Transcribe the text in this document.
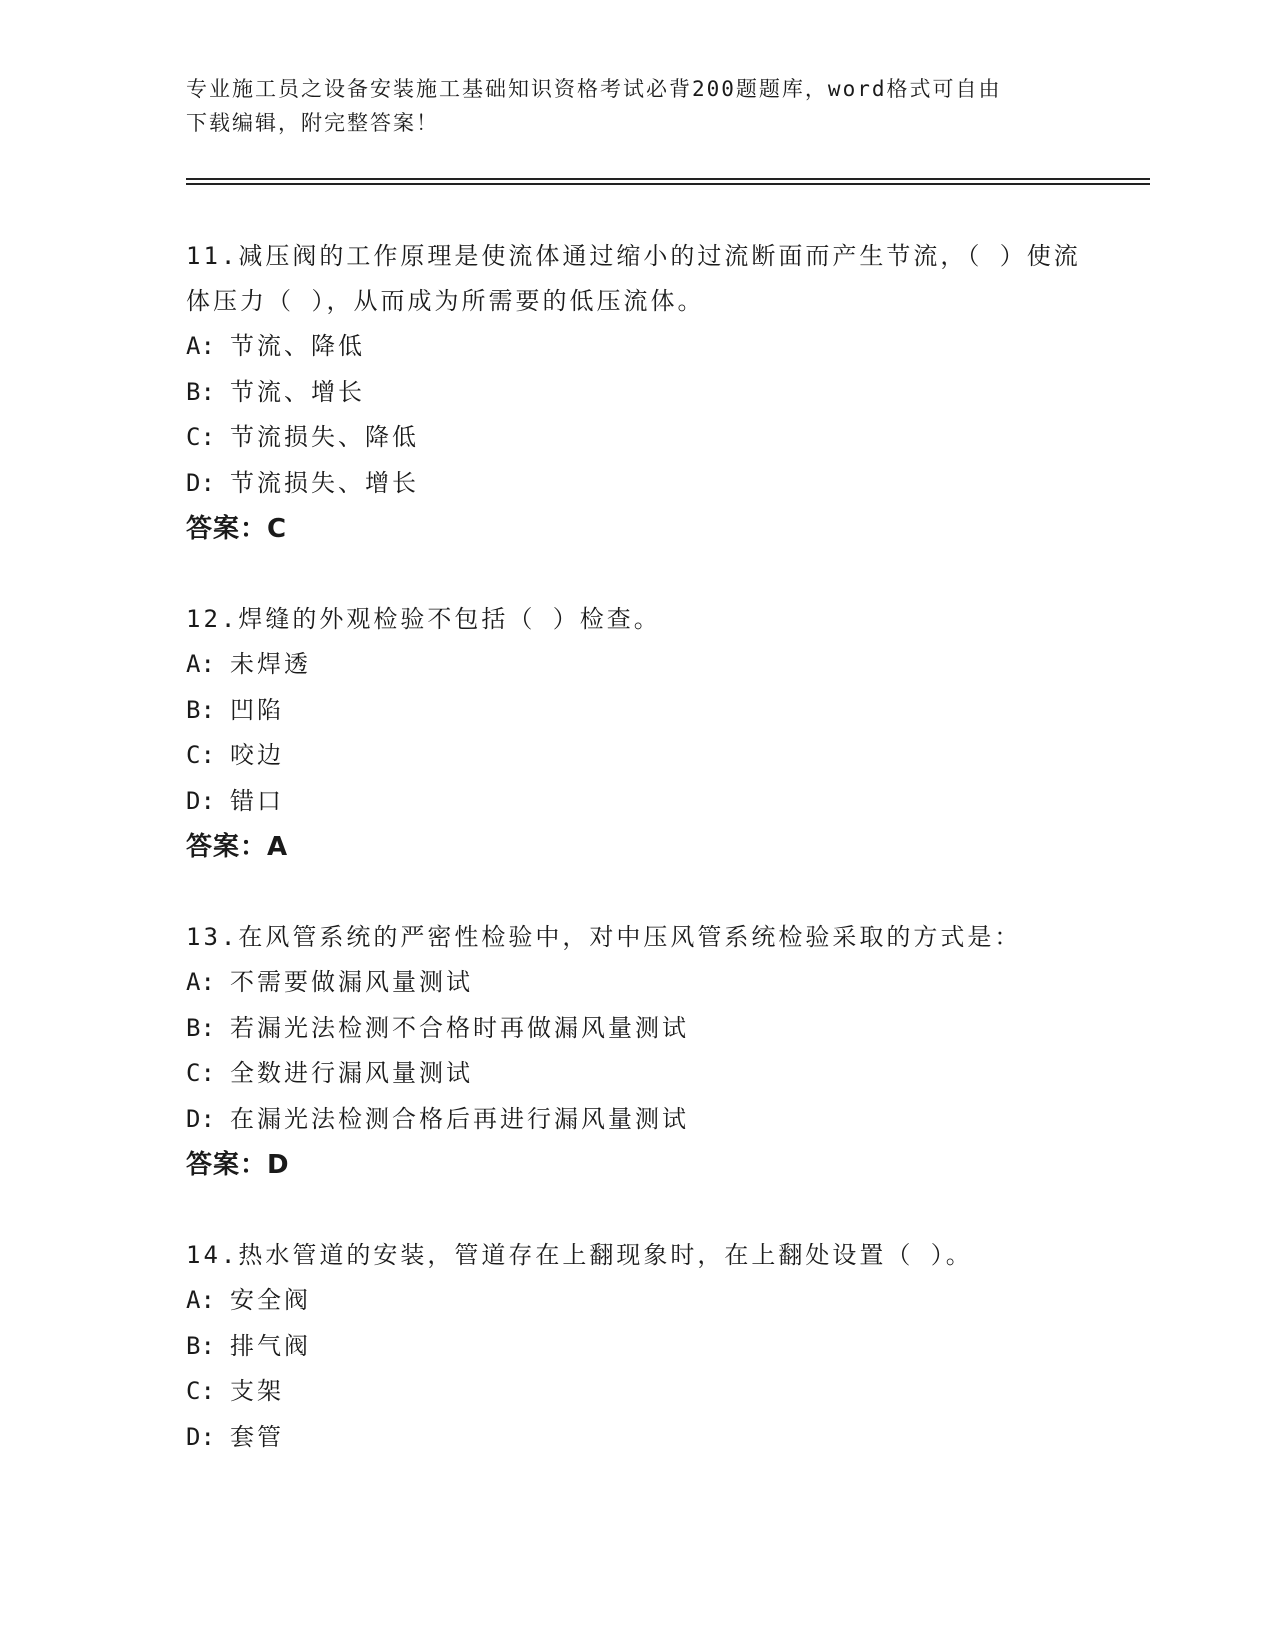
专业施工员之设备安装施工基础知识资格考试必背200题题库，word格式可自由
下载编辑，附完整答案！

11.减压阀的工作原理是使流体通过缩小的过流断面而产生节流，（ ）使流体压力（ ），从而成为所需要的低压流体。

A: 节流、降低
B: 节流、增长
C: 节流损失、降低
D: 节流损失、增长

答案：C

12.焊缝的外观检验不包括（ ）检查。

A: 未焊透
B: 凹陷
C: 咬边
D: 错口

答案：A

13.在风管系统的严密性检验中，对中压风管系统检验采取的方式是：

A: 不需要做漏风量测试
B: 若漏光法检测不合格时再做漏风量测试
C: 全数进行漏风量测试
D: 在漏光法检测合格后再进行漏风量测试

答案：D

14.热水管道的安装，管道存在上翻现象时，在上翻处设置（ ）。

A: 安全阀
B: 排气阀
C: 支架
D: 套管
